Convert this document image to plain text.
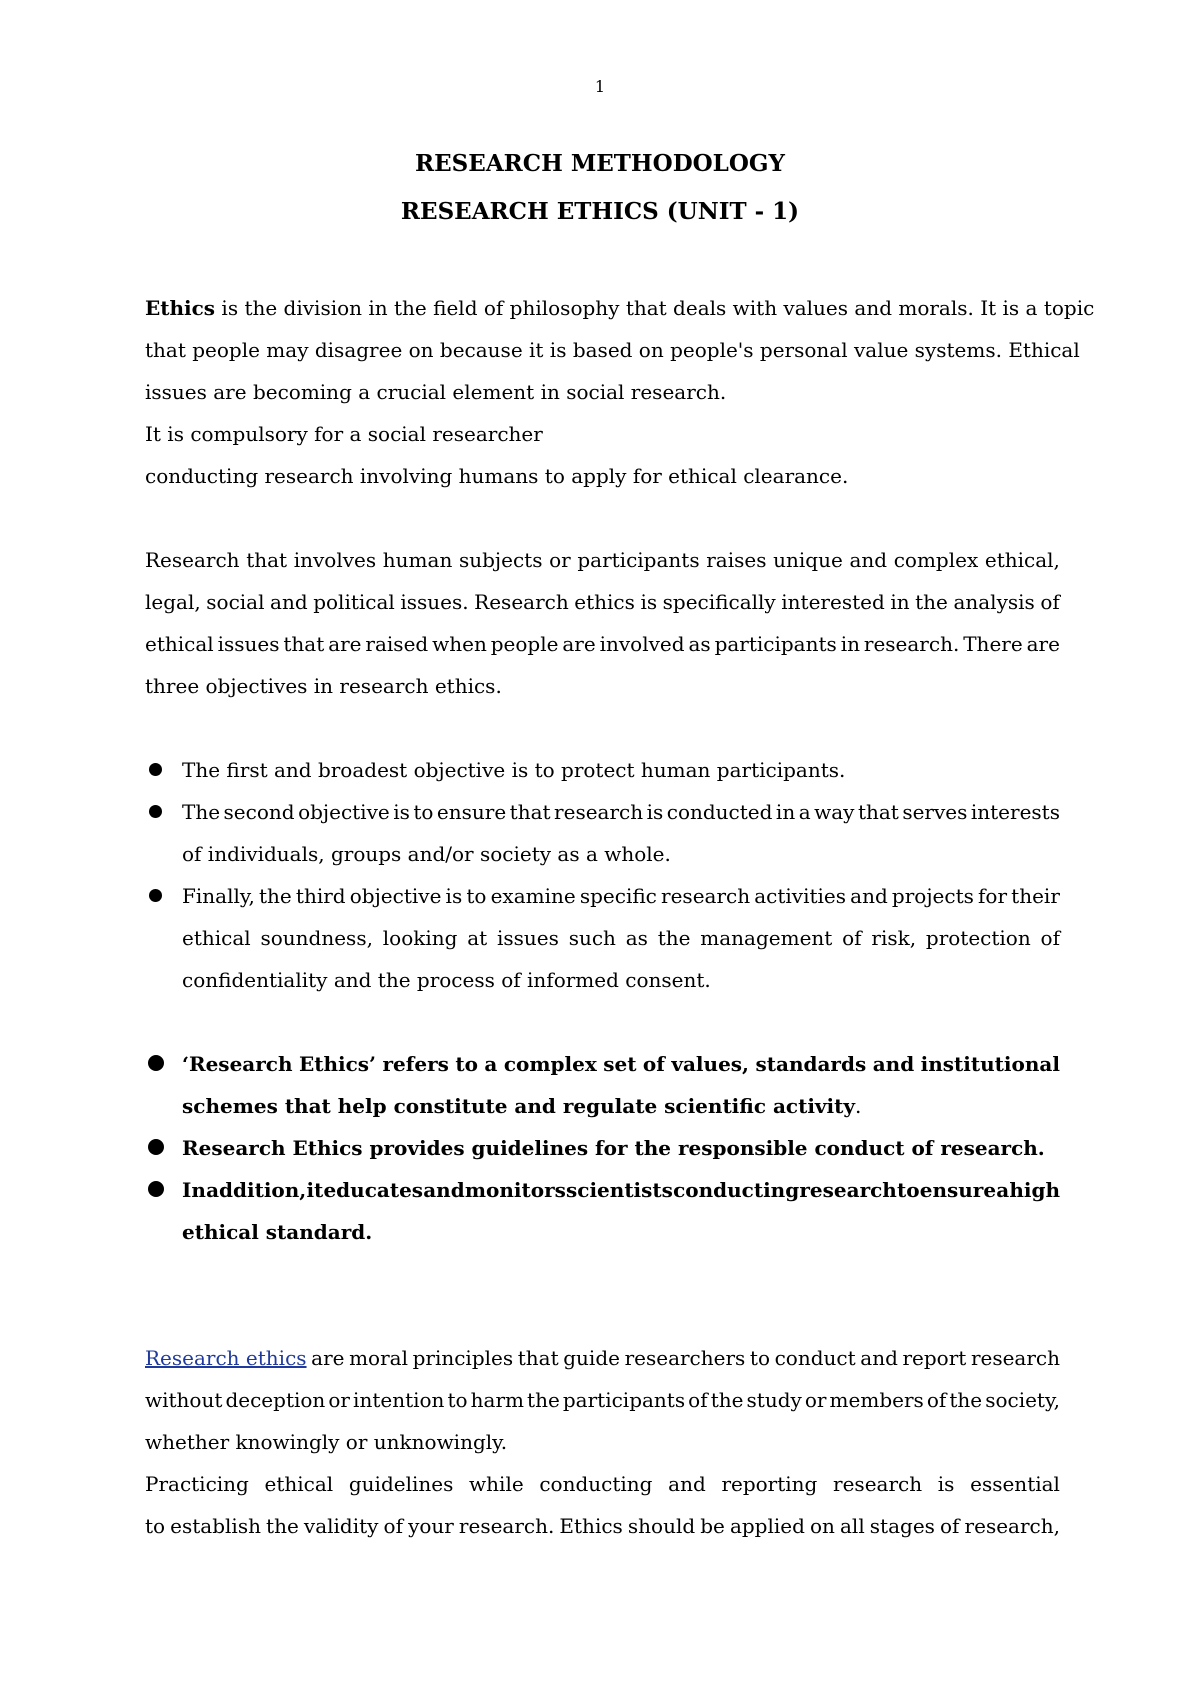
1
RESEARCH METHODOLOGY
RESEARCH ETHICS (UNIT - 1)
Ethics is the division in the field of philosophy that deals with values and morals. It is a topic
that people may disagree on because it is based on people's personal value systems. Ethical
issues are becoming a crucial element in social research.
It is compulsory for a social researcher
conducting research involving humans to apply for ethical clearance.
Research that involves human subjects or participants raises unique and complex ethical,
legal, social and political issues. Research ethics is specifically interested in the analysis of
ethical issues that are raised when people are involved as participants in research. There are
three objectives in research ethics.
The first and broadest objective is to protect human participants.
The second objective is to ensure that research is conducted in a way that serves interests
of individuals, groups and/or society as a whole.
Finally, the third objective is to examine specific research activities and projects for their
ethical soundness, looking at issues such as the management of risk, protection of
confidentiality and the process of informed consent.
‘Research Ethics’ refers to a complex set of values, standards and institutional
schemes that help constitute and regulate scientific activity.
Research Ethics provides guidelines for the responsible conduct of research.
In addition, it educates and monitors scientists conducting research to ensure a high
ethical standard.
Research ethics are moral principles that guide researchers to conduct and report research
without deception or intention to harm the participants of the study or members of the society,
whether knowingly or unknowingly.
Practicing ethical guidelines while conducting and reporting research is essential
to establish the validity of your research. Ethics should be applied on all stages of research,
